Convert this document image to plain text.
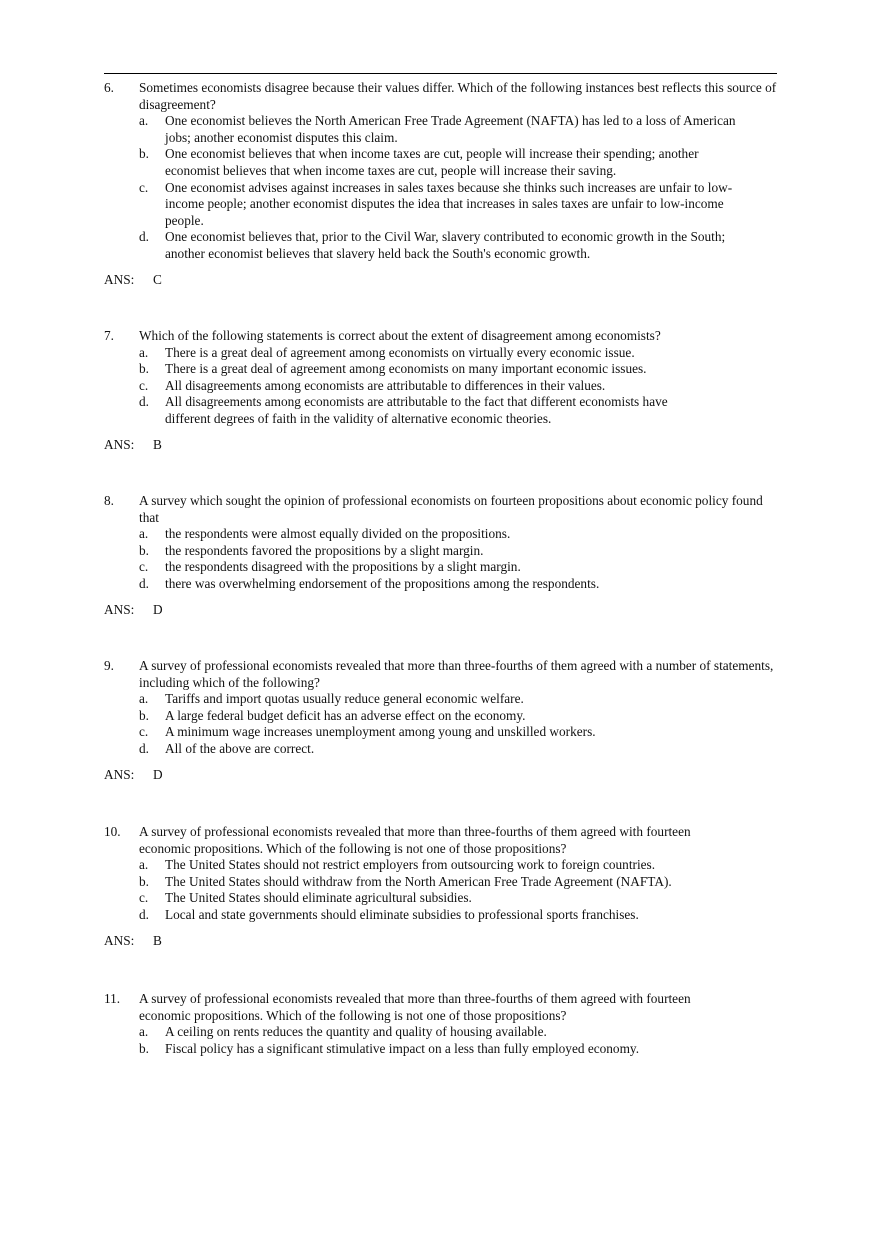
6. Sometimes economists disagree because their values differ. Which of the following instances best reflects this source of disagreement?
a. One economist believes the North American Free Trade Agreement (NAFTA) has led to a loss of American jobs; another economist disputes this claim.
b. One economist believes that when income taxes are cut, people will increase their spending; another economist believes that when income taxes are cut, people will increase their saving.
c. One economist advises against increases in sales taxes because she thinks such increases are unfair to low-income people; another economist disputes the idea that increases in sales taxes are unfair to low-income people.
d. One economist believes that, prior to the Civil War, slavery contributed to economic growth in the South; another economist believes that slavery held back the South's economic growth.
ANS: C
7. Which of the following statements is correct about the extent of disagreement among economists?
a. There is a great deal of agreement among economists on virtually every economic issue.
b. There is a great deal of agreement among economists on many important economic issues.
c. All disagreements among economists are attributable to differences in their values.
d. All disagreements among economists are attributable to the fact that different economists have different degrees of faith in the validity of alternative economic theories.
ANS: B
8. A survey which sought the opinion of professional economists on fourteen propositions about economic policy found that
a. the respondents were almost equally divided on the propositions.
b. the respondents favored the propositions by a slight margin.
c. the respondents disagreed with the propositions by a slight margin.
d. there was overwhelming endorsement of the propositions among the respondents.
ANS: D
9. A survey of professional economists revealed that more than three-fourths of them agreed with a number of statements, including which of the following?
a. Tariffs and import quotas usually reduce general economic welfare.
b. A large federal budget deficit has an adverse effect on the economy.
c. A minimum wage increases unemployment among young and unskilled workers.
d. All of the above are correct.
ANS: D
10. A survey of professional economists revealed that more than three-fourths of them agreed with fourteen economic propositions. Which of the following is not one of those propositions?
a. The United States should not restrict employers from outsourcing work to foreign countries.
b. The United States should withdraw from the North American Free Trade Agreement (NAFTA).
c. The United States should eliminate agricultural subsidies.
d. Local and state governments should eliminate subsidies to professional sports franchises.
ANS: B
11. A survey of professional economists revealed that more than three-fourths of them agreed with fourteen economic propositions. Which of the following is not one of those propositions?
a. A ceiling on rents reduces the quantity and quality of housing available.
b. Fiscal policy has a significant stimulative impact on a less than fully employed economy.
